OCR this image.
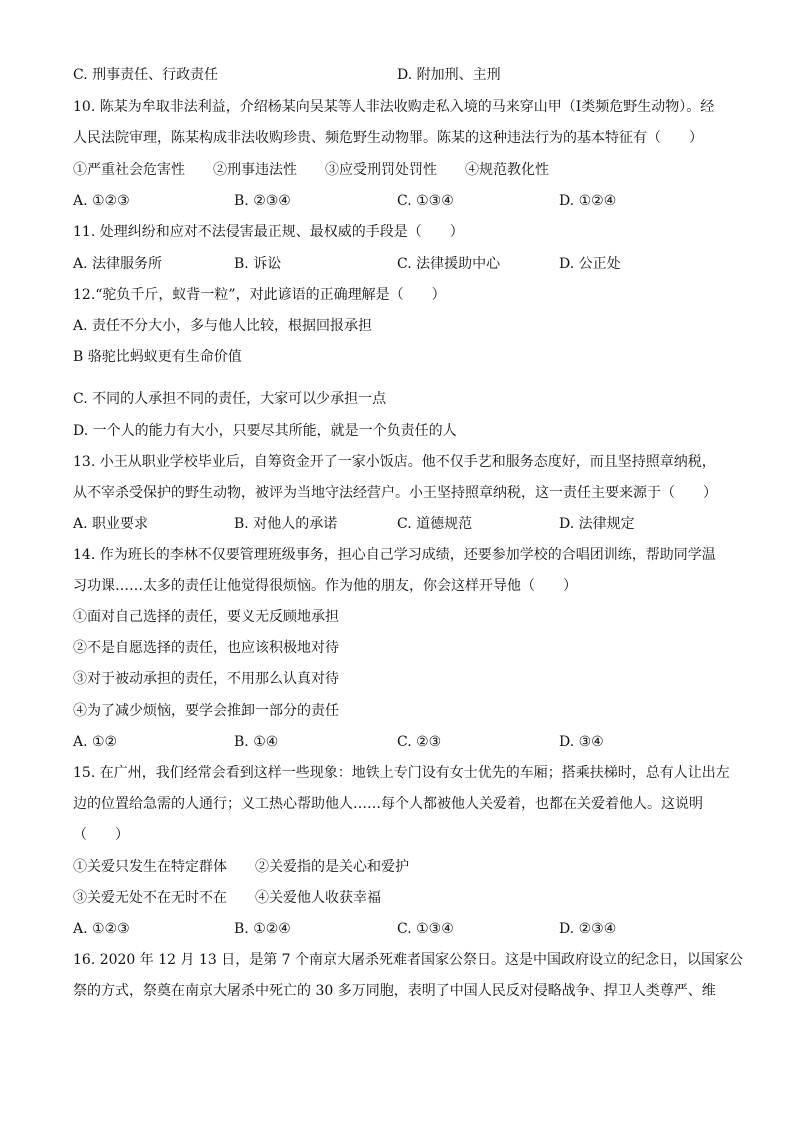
C. 刑事责任、行政责任	D. 附加刑、主刑
10. 陈某为牟取非法利益，介绍杨某向吴某等人非法收购走私入境的马来穿山甲（I类频危野生动物）。经
人民法院审理，陈某构成非法收购珍贵、频危野生动物罪。陈某的这种违法行为的基本特征有（　　）
①严重社会危害性　　②刑事违法性　　③应受刑罚处罚性　　④规范教化性
A. ①②③	B. ②③④	C. ①③④	D. ①②④
11. 处理纠纷和应对不法侵害最正规、最权威的手段是（　　）
A. 法律服务所	B. 诉讼	C. 法律援助中心	D. 公正处
12.“驼负千斤，蚁背一粒”，对此谚语的正确理解是（　　）
A. 责任不分大小，多与他人比较，根据回报承担
B 骆驼比蚂蚁更有生命价值
C. 不同的人承担不同的责任，大家可以少承担一点
D. 一个人的能力有大小，只要尽其所能，就是一个负责任的人
13. 小王从职业学校毕业后，自筹资金开了一家小饭店。他不仅手艺和服务态度好，而且坚持照章纳税，
从不宰杀受保护的野生动物，被评为当地守法经营户。小王坚持照章纳税，这一责任主要来源于（　　）
A. 职业要求	B. 对他人的承诺	C. 道德规范	D. 法律规定
14. 作为班长的李林不仅要管理班级事务，担心自己学习成绩，还要参加学校的合唱团训练，帮助同学温
习功课……太多的责任让他觉得很烦恼。作为他的朋友，你会这样开导他（　　）
①面对自己选择的责任，要义无反顾地承担
②不是自愿选择的责任，也应该积极地对待
③对于被动承担的责任，不用那么认真对待
④为了减少烦恼，要学会推卸一部分的责任
A. ①②	B. ①④	C. ②③	D. ③④
15. 在广州，我们经常会看到这样一些现象：地铁上专门设有女士优先的车厢；搭乘扶梯时，总有人让出左
边的位置给急需的人通行；义工热心帮助他人……每个人都被他人关爱着，也都在关爱着他人。这说明
（　　）
①关爱只发生在特定群体　　②关爱指的是关心和爱护
③关爱无处不在无时不在　　④关爱他人收获幸福
A. ①②③	B. ①②④	C. ①③④	D. ②③④
16. 2020 年 12 月 13 日，是第 7 个南京大屠杀死难者国家公祭日。这是中国政府设立的纪念日，以国家公
祭的方式，祭奠在南京大屠杀中死亡的 30 多万同胞，表明了中国人民反对侵略战争、捍卫人类尊严、维
